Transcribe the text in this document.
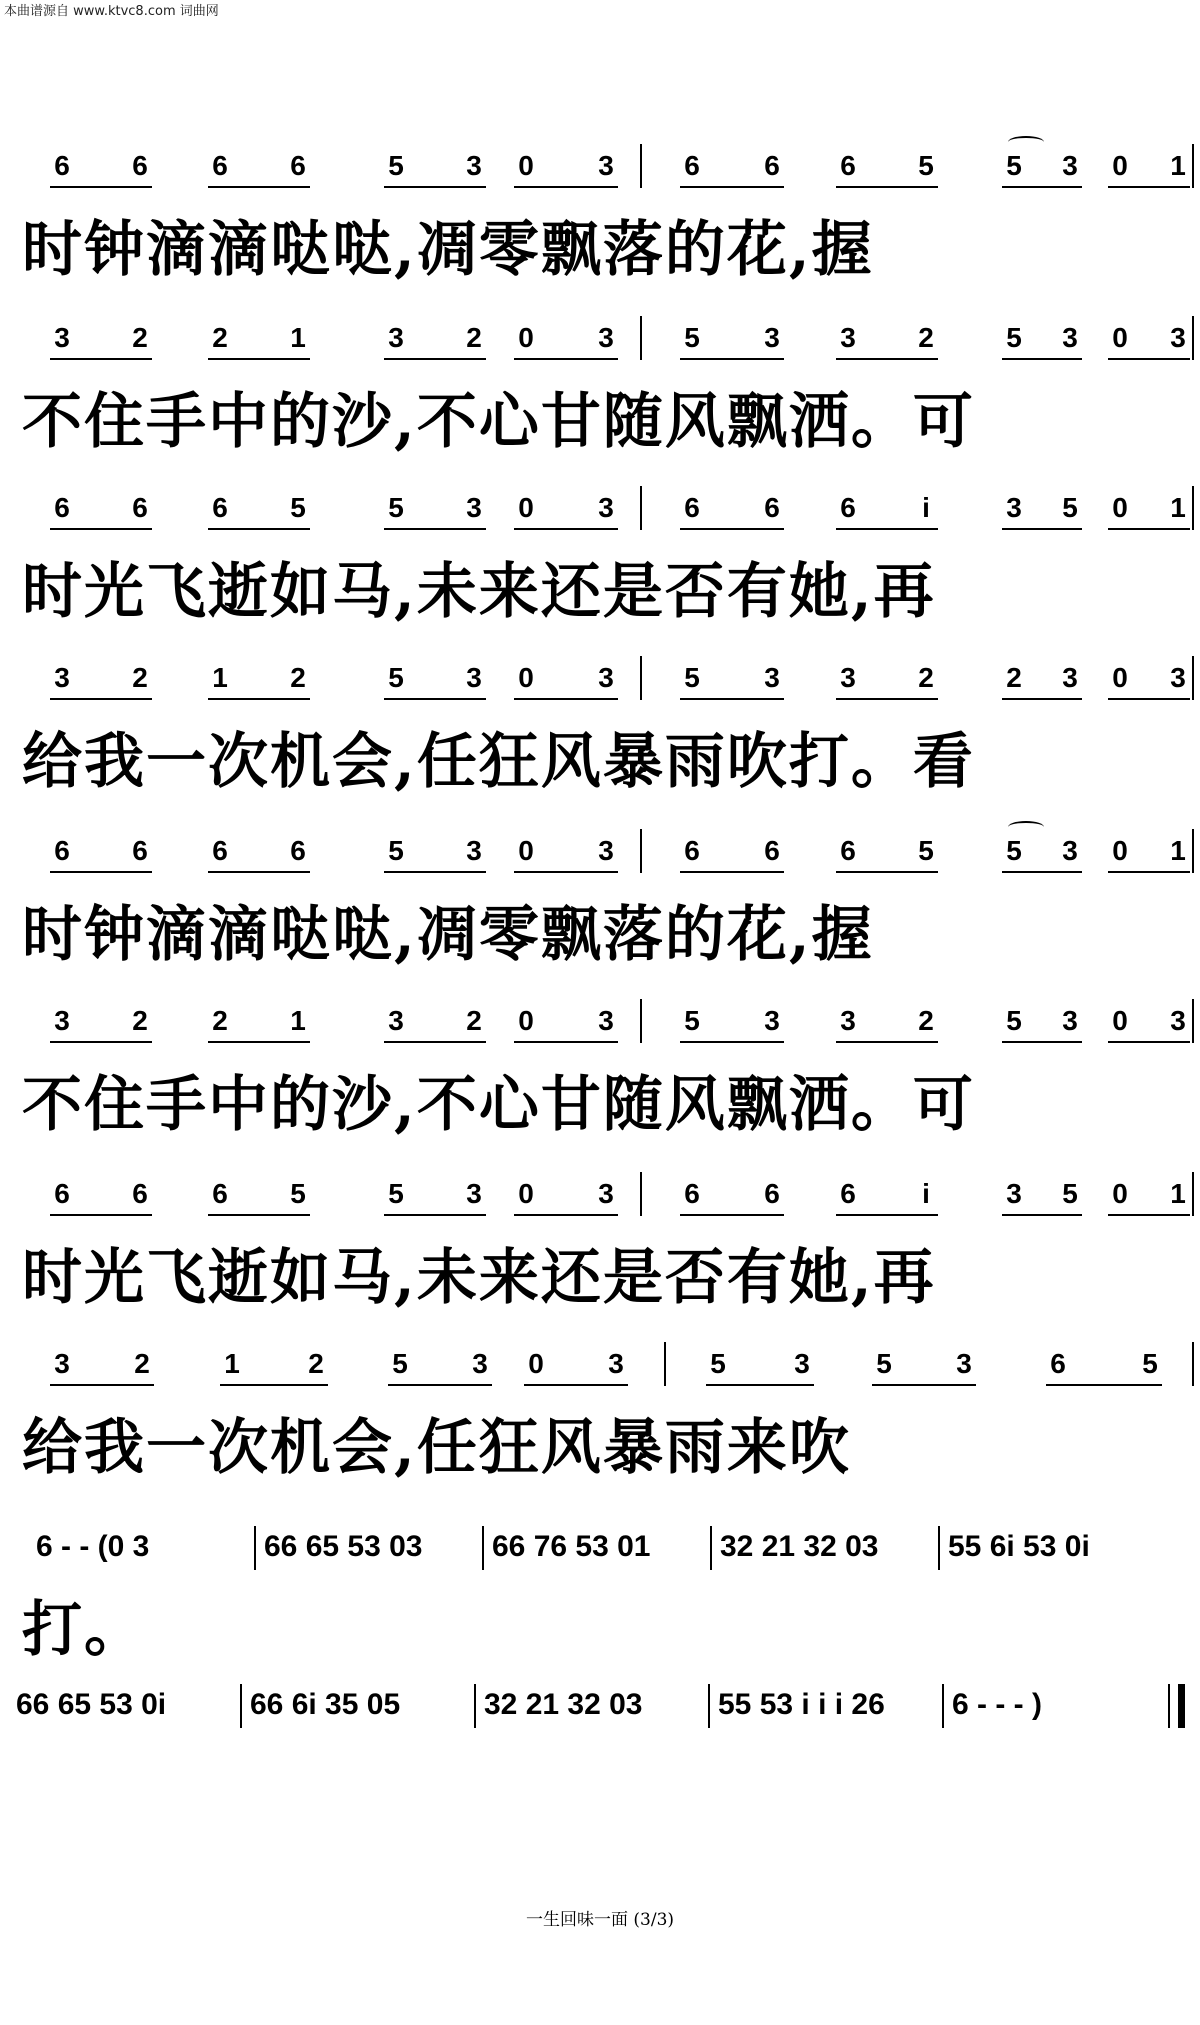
本曲谱源自 www.ktvc8.com 词曲网
6 6 6 6	5 3 0 3	6 6 6 5	5 3 0 1
时钟滴滴哒哒,凋零飘落的花,握
3 2 2 1	3 2 0 3	5 3 3 2	5 3 0 3
不住手中的沙,不心甘随风飘洒。可
6 6 6 5	5 3 0 3	6 6 6	i	3 5 0 1
时光飞逝如马,未来还是否有她,再
3 2 1 2	5 3 0 3	5 3 3 2	2 3 0 3
给我一次机会,任狂风暴雨吹打。看
6 6 6 6	5 3 0 3	6 6 6 5	5 3 0 1
时钟滴滴哒哒,凋零飘落的花,握
3 2 2 1	3 2 0 3	5 3 3 2	5 3 0 3
不住手中的沙,不心甘随风飘洒。可
6 6 6 5	5 3 0 3	6 6 6	i	3 5 0 1
时光飞逝如马,未来还是否有她,再
3 2	1 2 5 3 0 3	5 3 5 3	6	5
给我一次机会,任狂风暴雨来吹
6 - - (0 3	66 65 53 03 66 76 53 01 32 21 32 03 55 6i 53 0i
打。
66 65 53 0i	66 6i 35 05	32 21 32 03	55 53 i i i 26 6 - - - )
一生回味一面 (3/3)
